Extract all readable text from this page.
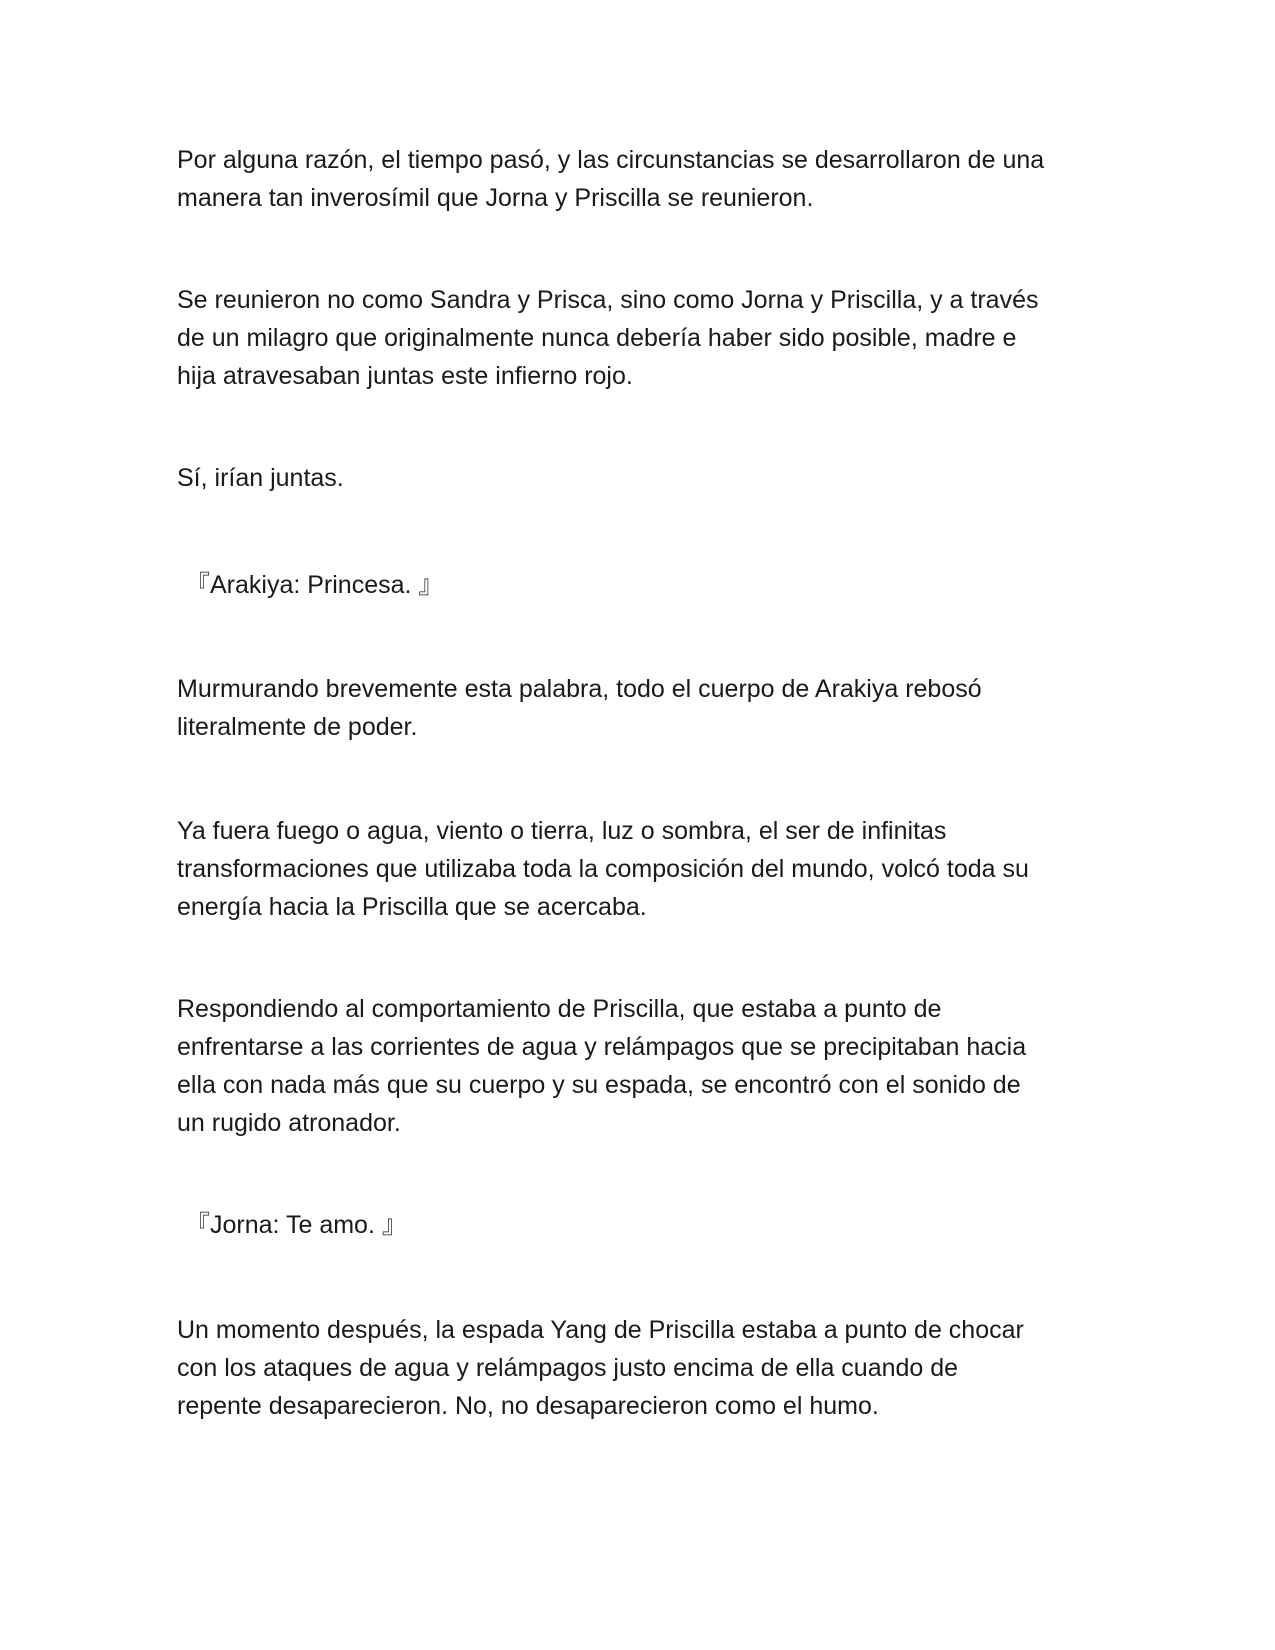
Por alguna razón, el tiempo pasó, y las circunstancias se desarrollaron de una
manera tan inverosímil que Jorna y Priscilla se reunieron.

Se reunieron no como Sandra y Prisca, sino como Jorna y Priscilla, y a través
de un milagro que originalmente nunca debería haber sido posible, madre e
hija atravesaban juntas este infierno rojo.

Sí, irían juntas.

『Arakiya: Princesa. 』

Murmurando brevemente esta palabra, todo el cuerpo de Arakiya rebosó
literalmente de poder.

Ya fuera fuego o agua, viento o tierra, luz o sombra, el ser de infinitas
transformaciones que utilizaba toda la composición del mundo, volcó toda su
energía hacia la Priscilla que se acercaba.

Respondiendo al comportamiento de Priscilla, que estaba a punto de
enfrentarse a las corrientes de agua y relámpagos que se precipitaban hacia
ella con nada más que su cuerpo y su espada, se encontró con el sonido de
un rugido atronador.

『Jorna: Te amo. 』

Un momento después, la espada Yang de Priscilla estaba a punto de chocar
con los ataques de agua y relámpagos justo encima de ella cuando de
repente desaparecieron. No, no desaparecieron como el humo.
